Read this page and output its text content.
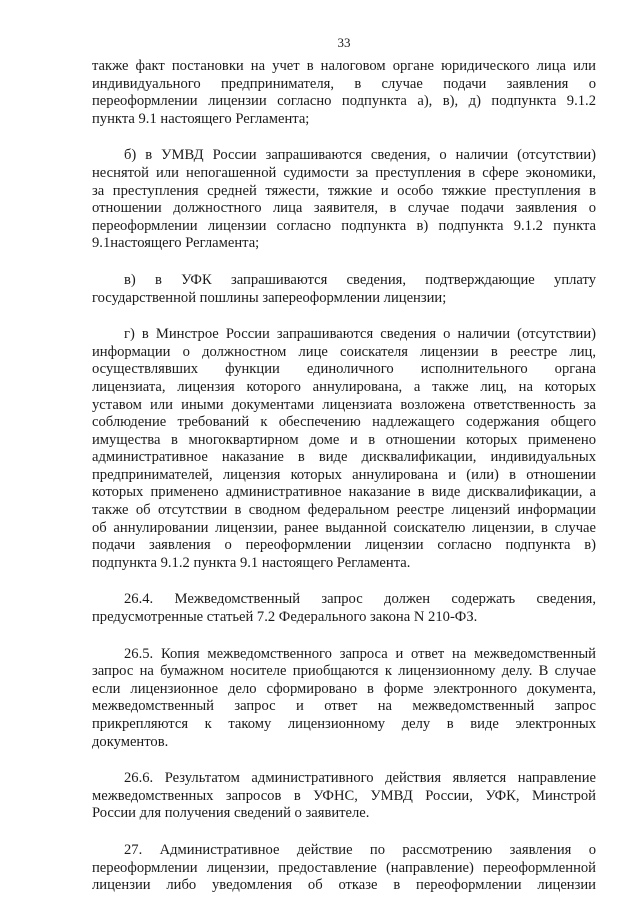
33

также факт постановки на учет в налоговом органе юридического лица или
индивидуального предпринимателя, в случае подачи заявления о
переоформлении лицензии согласно подпункта а), в), д) подпункта 9.1.2
пункта 9.1 настоящего Регламента;

б) в УМВД России запрашиваются сведения, о наличии (отсутствии)
неснятой или непогашенной судимости за преступления в сфере экономики,
за преступления средней тяжести, тяжкие и особо тяжкие преступления в
отношении должностного лица заявителя, в случае подачи заявления о
переоформлении лицензии согласно подпункта в) подпункта 9.1.2 пункта
9.1настоящего Регламента;

в) в УФК запрашиваются сведения, подтверждающие уплату
государственной пошлины запереоформлении лицензии;

г) в Минстрое России запрашиваются сведения о наличии (отсутствии)
информации о должностном лице соискателя лицензии в реестре лиц,
осуществлявших функции единоличного исполнительного органа
лицензиата, лицензия которого аннулирована, а также лиц, на которых
уставом или иными документами лицензиата возложена ответственность за
соблюдение требований к обеспечению надлежащего содержания общего
имущества в многоквартирном доме и в отношении которых применено
административное наказание в виде дисквалификации, индивидуальных
предпринимателей, лицензия которых аннулирована и (или) в отношении
которых применено административное наказание в виде дисквалификации, а
также об отсутствии в сводном федеральном реестре лицензий информации
об аннулировании лицензии, ранее выданной соискателю лицензии, в случае
подачи заявления о переоформлении лицензии согласно подпункта в)
подпункта 9.1.2 пункта 9.1 настоящего Регламента.

26.4. Межведомственный запрос должен содержать сведения,
предусмотренные статьей 7.2 Федерального закона N 210-ФЗ.

26.5. Копия межведомственного запроса и ответ на межведомственный
запрос на бумажном носителе приобщаются к лицензионному делу. В случае
если лицензионное дело сформировано в форме электронного документа,
межведомственный запрос и ответ на межведомственный запрос
прикрепляются к такому лицензионному делу в виде электронных
документов.

26.6. Результатом административного действия является направление
межведомственных запросов в УФНС, УМВД России, УФК, Минстрой
России для получения сведений о заявителе.

27. Административное действие по рассмотрению заявления о
переоформлении лицензии, предоставление (направление) переоформленной
лицензии либо уведомления об отказе в переоформлении лицензии
